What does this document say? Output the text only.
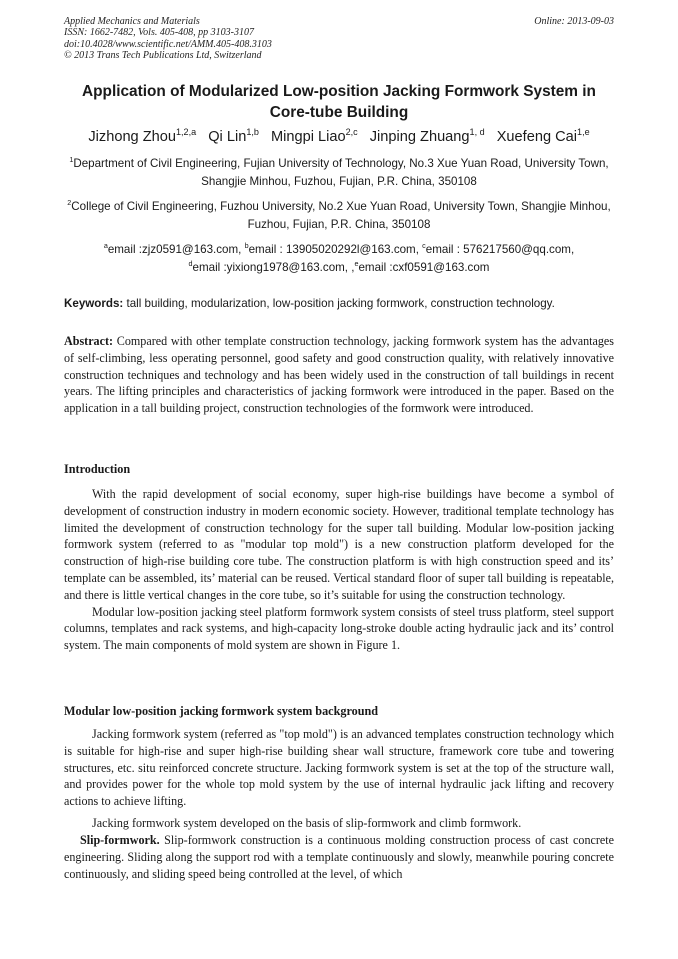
Applied Mechanics and Materials
ISSN: 1662-7482, Vols. 405-408, pp 3103-3107
doi:10.4028/www.scientific.net/AMM.405-408.3103
© 2013 Trans Tech Publications Ltd, Switzerland
Online: 2013-09-03
Application of Modularized Low-position Jacking Formwork System in Core-tube Building
Jizhong Zhou$^{1,2,a}$ Qi Lin$^{1,b}$ Mingpi Liao$^{2,c}$ Jinping Zhuang$^{1, d}$ Xuefeng Cai$^{1,e}$
$^1$Department of Civil Engineering, Fujian University of Technology, No.3 Xue Yuan Road, University Town, Shangjie Minhou, Fuzhou, Fujian, P.R. China, 350108
$^2$College of Civil Engineering, Fuzhou University, No.2 Xue Yuan Road, University Town, Shangjie Minhou, Fuzhou, Fujian, P.R. China, 350108
$^a$email :zjz0591@163.com, $^b$email : 13905020292l@163.com, $^c$email : 576217560@qq.com,
$^d$email :yixiong1978@163.com, ,$^e$email :cxf0591@163.com
Keywords: tall building, modularization, low-position jacking formwork, construction technology.
Abstract: Compared with other template construction technology, jacking formwork system has the advantages of self-climbing, less operating personnel, good safety and good construction quality, with relatively innovative construction techniques and technology and has been widely used in the construction of tall buildings in recent years. The lifting principles and characteristics of jacking formwork were introduced in the paper. Based on the application in a tall building project, construction technologies of the formwork were introduced.
Introduction
With the rapid development of social economy, super high-rise buildings have become a symbol of development of construction industry in modern economic society. However, traditional template technology has limited the development of construction technology for the super tall building. Modular low-position jacking formwork system (referred to as "modular top mold") is a new construction platform developed for the construction of high-rise building core tube. The construction platform is with high construction speed and its’ template can be assembled, its’ material can be reused. Vertical standard floor of super tall building is repeatable, and there is little vertical changes in the core tube, so it’s suitable for using the construction technology.
Modular low-position jacking steel platform formwork system consists of steel truss platform, steel support columns, templates and rack systems, and high-capacity long-stroke double acting hydraulic jack and its’ control system. The main components of mold system are shown in Figure 1.
Modular low-position jacking formwork system background
Jacking formwork system (referred as "top mold") is an advanced templates construction technology which is suitable for high-rise and super high-rise building shear wall structure, framework core tube and towering structures, etc. situ reinforced concrete structure. Jacking formwork system is set at the top of the structure wall, and provides power for the whole top mold system by the use of internal hydraulic jack lifting and recovery actions to achieve lifting.
Jacking formwork system developed on the basis of slip-formwork and climb formwork.
Slip-formwork. Slip-formwork construction is a continuous molding construction process of cast concrete engineering. Sliding along the support rod with a template continuously and slowly, meanwhile pouring concrete continuously, and sliding speed being controlled at the level, of which
